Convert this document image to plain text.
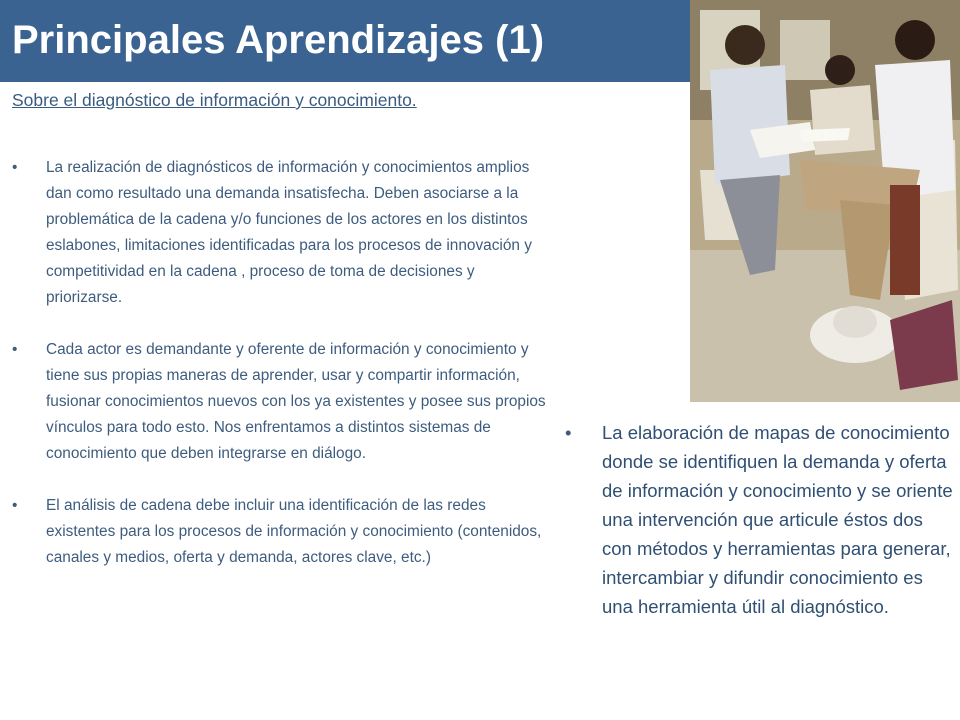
Principales Aprendizajes (1)

Sobre el diagnóstico de información y conocimiento.

• La realización de diagnósticos de información y conocimientos amplios dan como resultado una demanda insatisfecha. Deben asociarse a la problemática de la cadena y/o funciones de los actores en los distintos eslabones, limitaciones identificadas para los procesos de innovación y competitividad en la cadena , proceso de toma de decisiones y priorizarse.
• Cada actor es demandante y oferente de información y conocimiento y tiene sus propias maneras de aprender, usar y compartir información, fusionar conocimientos nuevos con los ya existentes y posee sus propios vínculos para todo esto. Nos enfrentamos a distintos sistemas de conocimiento que deben integrarse en diálogo.
• El análisis de cadena debe incluir una identificación de las redes existentes para los procesos de información y conocimiento (contenidos, canales y medios, oferta y demanda, actores clave, etc.)
• La elaboración de mapas de conocimiento donde se identifiquen la demanda y oferta de información y conocimiento y se oriente una intervención que articule éstos dos con métodos y herramientas para generar, intercambiar y difundir conocimiento es una herramienta útil al diagnóstico.
